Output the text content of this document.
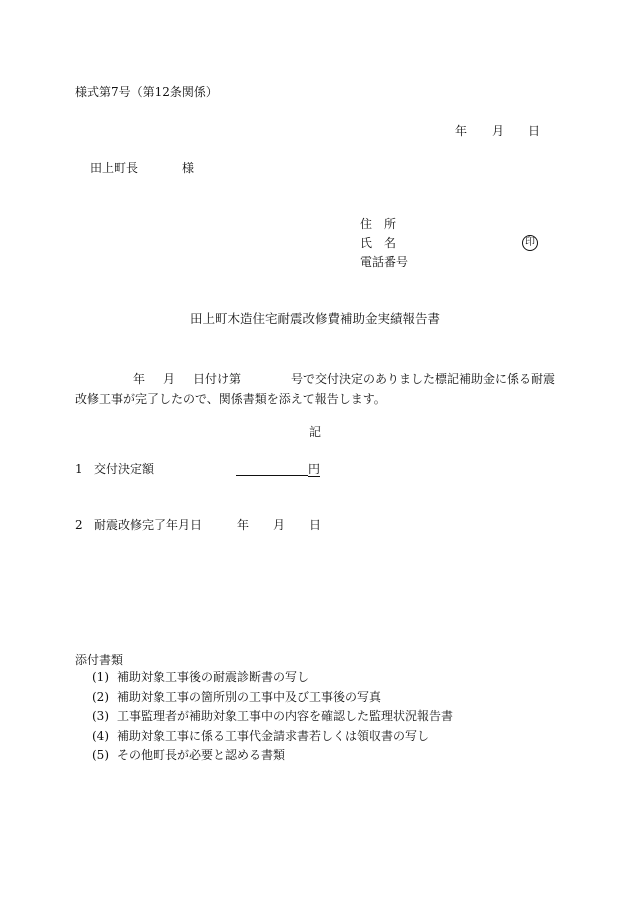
様式第7号（第12条関係）
年 月 日
田上町長	様
住　所
氏　名	印
電話番号
田上町木造住宅耐震改修費補助金実績報告書
年 月 日付け第	号で交付決定のありました標記補助金に係る耐震改修工事が完了したので、関係書類を添えて報告します。
記
1 交付決定額	円
2 耐震改修完了年月日	年 月 日
添付書類
(1) 補助対象工事後の耐震診断書の写し
(2) 補助対象工事の箇所別の工事中及び工事後の写真
(3) 工事監理者が補助対象工事中の内容を確認した監理状況報告書
(4) 補助対象工事に係る工事代金請求書若しくは領収書の写し
(5) その他町長が必要と認める書類
